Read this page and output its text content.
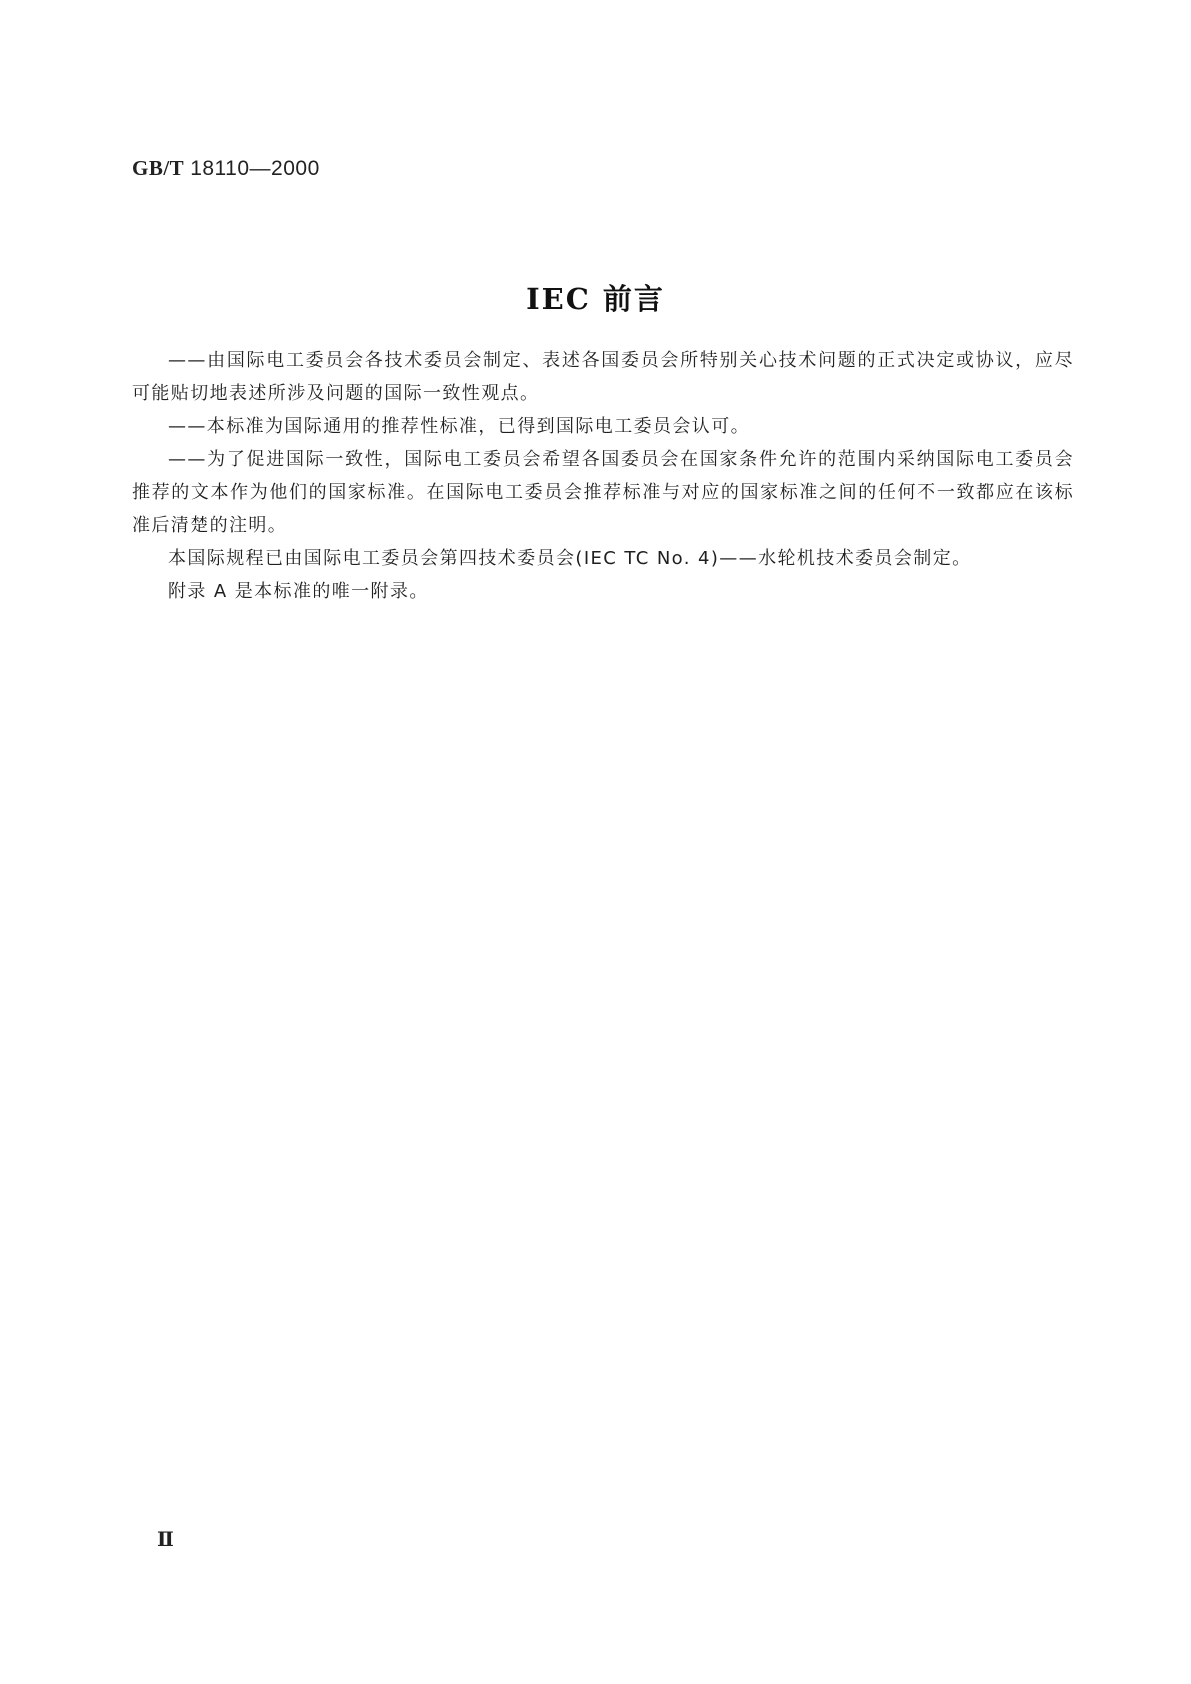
GB/T 18110—2000
IEC 前言

——由国际电工委员会各技术委员会制定、表述各国委员会所特别关心技术问题的正式决定或协议，应尽可能贴切地表述所涉及问题的国际一致性观点。

——本标准为国际通用的推荐性标准，已得到国际电工委员会认可。

——为了促进国际一致性，国际电工委员会希望各国委员会在国家条件允许的范围内采纳国际电工委员会推荐的文本作为他们的国家标准。在国际电工委员会推荐标准与对应的国家标准之间的任何不一致都应在该标准后清楚的注明。

本国际规程已由国际电工委员会第四技术委员会(IEC TC No. 4)——水轮机技术委员会制定。

附录 A 是本标准的唯一附录。

Ⅱ
